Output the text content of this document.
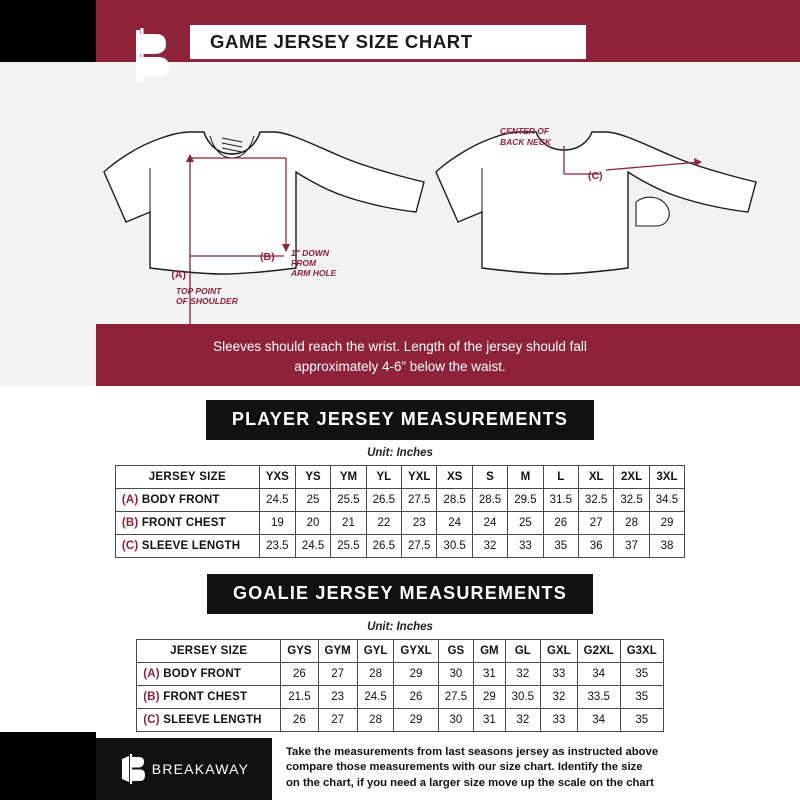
GAME JERSEY SIZE CHART
(A)
TOP POINT
OF SHOULDER
(B) 1" DOWN
FROM
ARM HOLE
CENTER OF
BACK NECK
(C)
Sleeves should reach the wrist. Length of the jersey should fall
approximately 4-6” below the waist.
PLAYER JERSEY MEASUREMENTS
Unit: Inches
JERSEY SIZE	YXS	YS	YM	YL	YXL	XS	S	M	L	XL	2XL	3XL
(A) BODY FRONT	24.5	25	25.5	26.5	27.5	28.5	28.5	29.5	31.5	32.5	32.5	34.5
(B) FRONT CHEST	19	20	21	22	23	24	24	25	26	27	28	29
(C) SLEEVE LENGTH	23.5	24.5	25.5	26.5	27.5	30.5	32	33	35	36	37	38
GOALIE JERSEY MEASUREMENTS
Unit: Inches
JERSEY SIZE	GYS	GYM	GYL	GYXL	GS	GM	GL	GXL	G2XL	G3XL
(A) BODY FRONT	26	27	28	29	30	31	32	33	34	35
(B) FRONT CHEST	21.5	23	24.5	26	27.5	29	30.5	32	33.5	35
(C) SLEEVE LENGTH	26	27	28	29	30	31	32	33	34	35
BREAKAWAY
Take the measurements from last seasons jersey as instructed above
compare those measurements with our size chart. Identify the size
on the chart, if you need a larger size move up the scale on the chart
